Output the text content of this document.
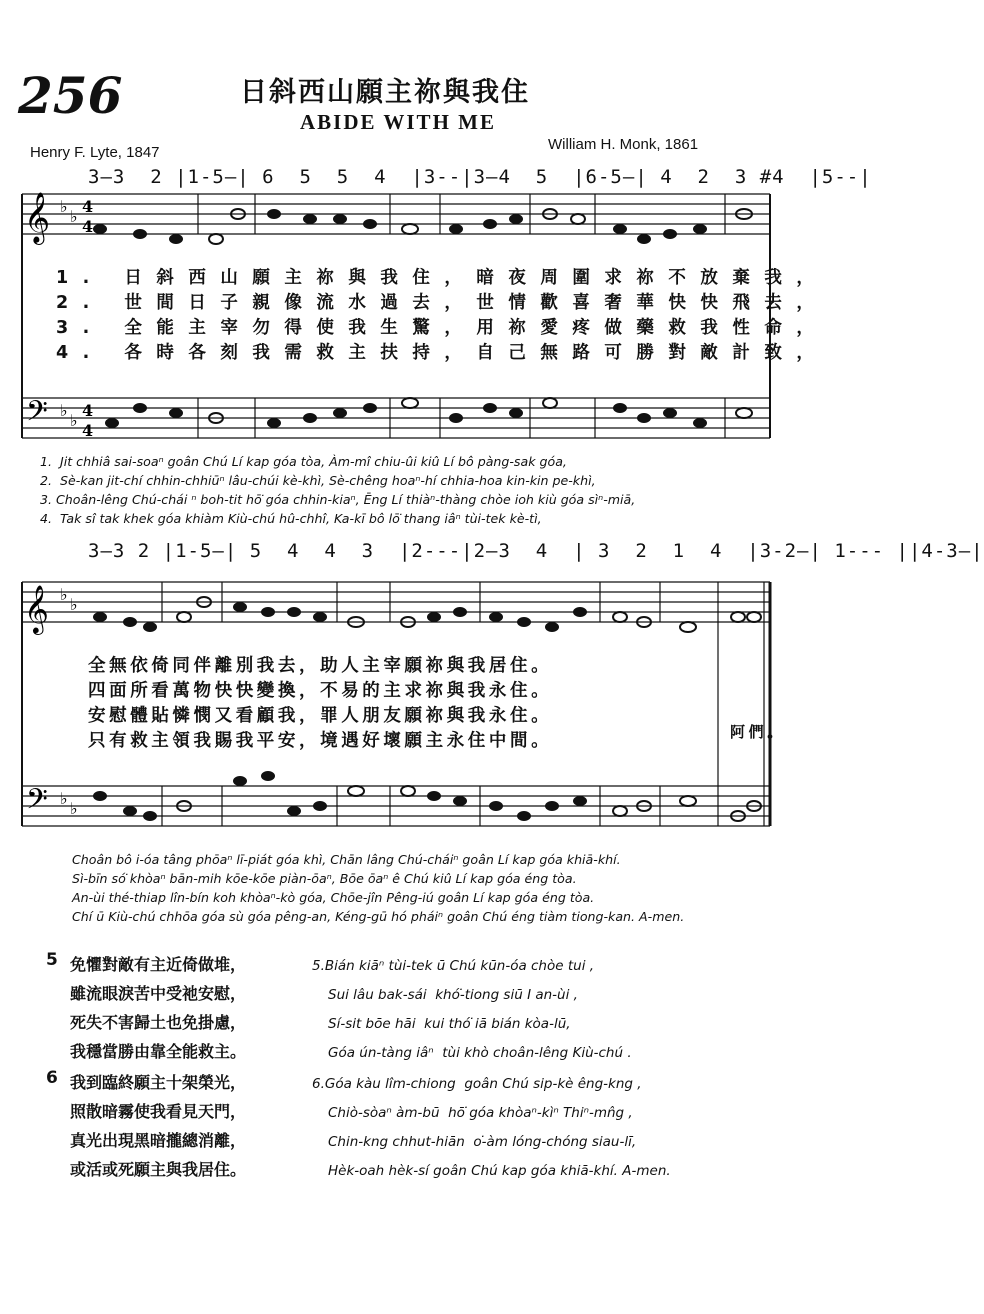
256	日斜西山願主祢與我住
ABIDE WITH ME
Henry F. Lyte, 1847	William H. Monk, 1861
3—3  2 |1-5—| 6  5  5  4  |3--|3—4  5  |6-5—| 4  2  3 #4  |5--|
𝄞
𝄞
𝄢
𝄢
♭
♭
4
4
♭
♭
4
4
♭
♭
♭
♭
1. 日斜西山願主祢與我住，暗夜周圍求祢不放棄我，
2. 世間日子親像流水過去，世情歡喜奢華快快飛去，
3. 全能主宰勿得使我生驚，用祢愛疼做藥救我性命，
4. 各時各刻我需救主扶持，自己無路可勝對敵計致，
1.  Jit chhiâ sai-soaⁿ goân Chú Lí kap góa tòa, Àm-mî chiu-ûi kiû Lí bô pàng-sak góa,
2.  Sè-kan jit-chí chhin-chhiūⁿ lâu-chúi kè-khì, Sè-chêng hoaⁿ-hí chhia-hoa kin-kin pe-khì,
3. Choân-lêng Chú-chái ⁿ boh-tit hō͘ góa chhin-kiaⁿ, Ēng Lí thiàⁿ-thàng chòe ioh kiù góa sìⁿ-miā,
4.  Tak sî tak khek góa khiàm Kiù-chú hû-chhî, Ka-kī bô lō͘ thang iâⁿ tùi-tek kè-tì,
3—3 2 |1-5—| 5  4  4  3  |2---|2—3  4  | 3  2  1  4  |3-2—| 1--- ||4-3—|
全無依倚同伴離別我去，助人主宰願祢與我居住。
四面所看萬物快快變換，不易的主求祢與我永住。
安慰體貼憐憫又看顧我，罪人朋友願祢與我永住。
只有救主領我賜我平安，境遇好壞願主永住中間。	阿們。
Choân bô i-óa tâng phōaⁿ lī-piát góa khì, Chān lâng Chú-cháiⁿ goân Lí kap góa khiā-khí.
Sì-bīn só͘ khòaⁿ bān-mih kōe-kōe piàn-ōaⁿ, Bōe ōaⁿ ê Chú kiû Lí kap góa éng tòa.
An-ùi thé-thiap lîn-bín koh khòaⁿ-kò góa, Chōe-jîn Pêng-iú goân Lí kap góa éng tòa.
Chí ū Kiù-chú chhōa góa sù góa pêng-an, Kéng-gū hó pháiⁿ goân Chú éng tiàm tiong-kan. A-men.
5 免懼對敵有主近倚做堆，
雖流眼淚苦中受祂安慰，
死失不害歸土也免掛慮，
我穩當勝由靠全能救主。
5.Bián kiāⁿ tùi-tek ū Chú kūn-óa chòe tui ,
Sui lâu bak-sái  khó͘-tiong siū I an-ùi ,
Sí-sit bōe hāi  kui thó͘ iā bián kòa-lū,
Góa ún-tàng iâⁿ  tùi khò choân-lêng Kiù-chú .
6 我到臨終願主十架榮光，
照散暗霧使我看見天門，
真光出現黑暗攏總消離，
或活或死願主與我居住。
6.Góa kàu lîm-chiong  goân Chú sip-kè êng-kng ,
Chiò-sòaⁿ àm-bū  hō͘ góa khòaⁿ-kìⁿ Thiⁿ-mn̂g ,
Chin-kng chhut-hiān  o͘-àm lóng-chóng siau-lī,
Hèk-oah hèk-sí goân Chú kap góa khiā-khí. A-men.
